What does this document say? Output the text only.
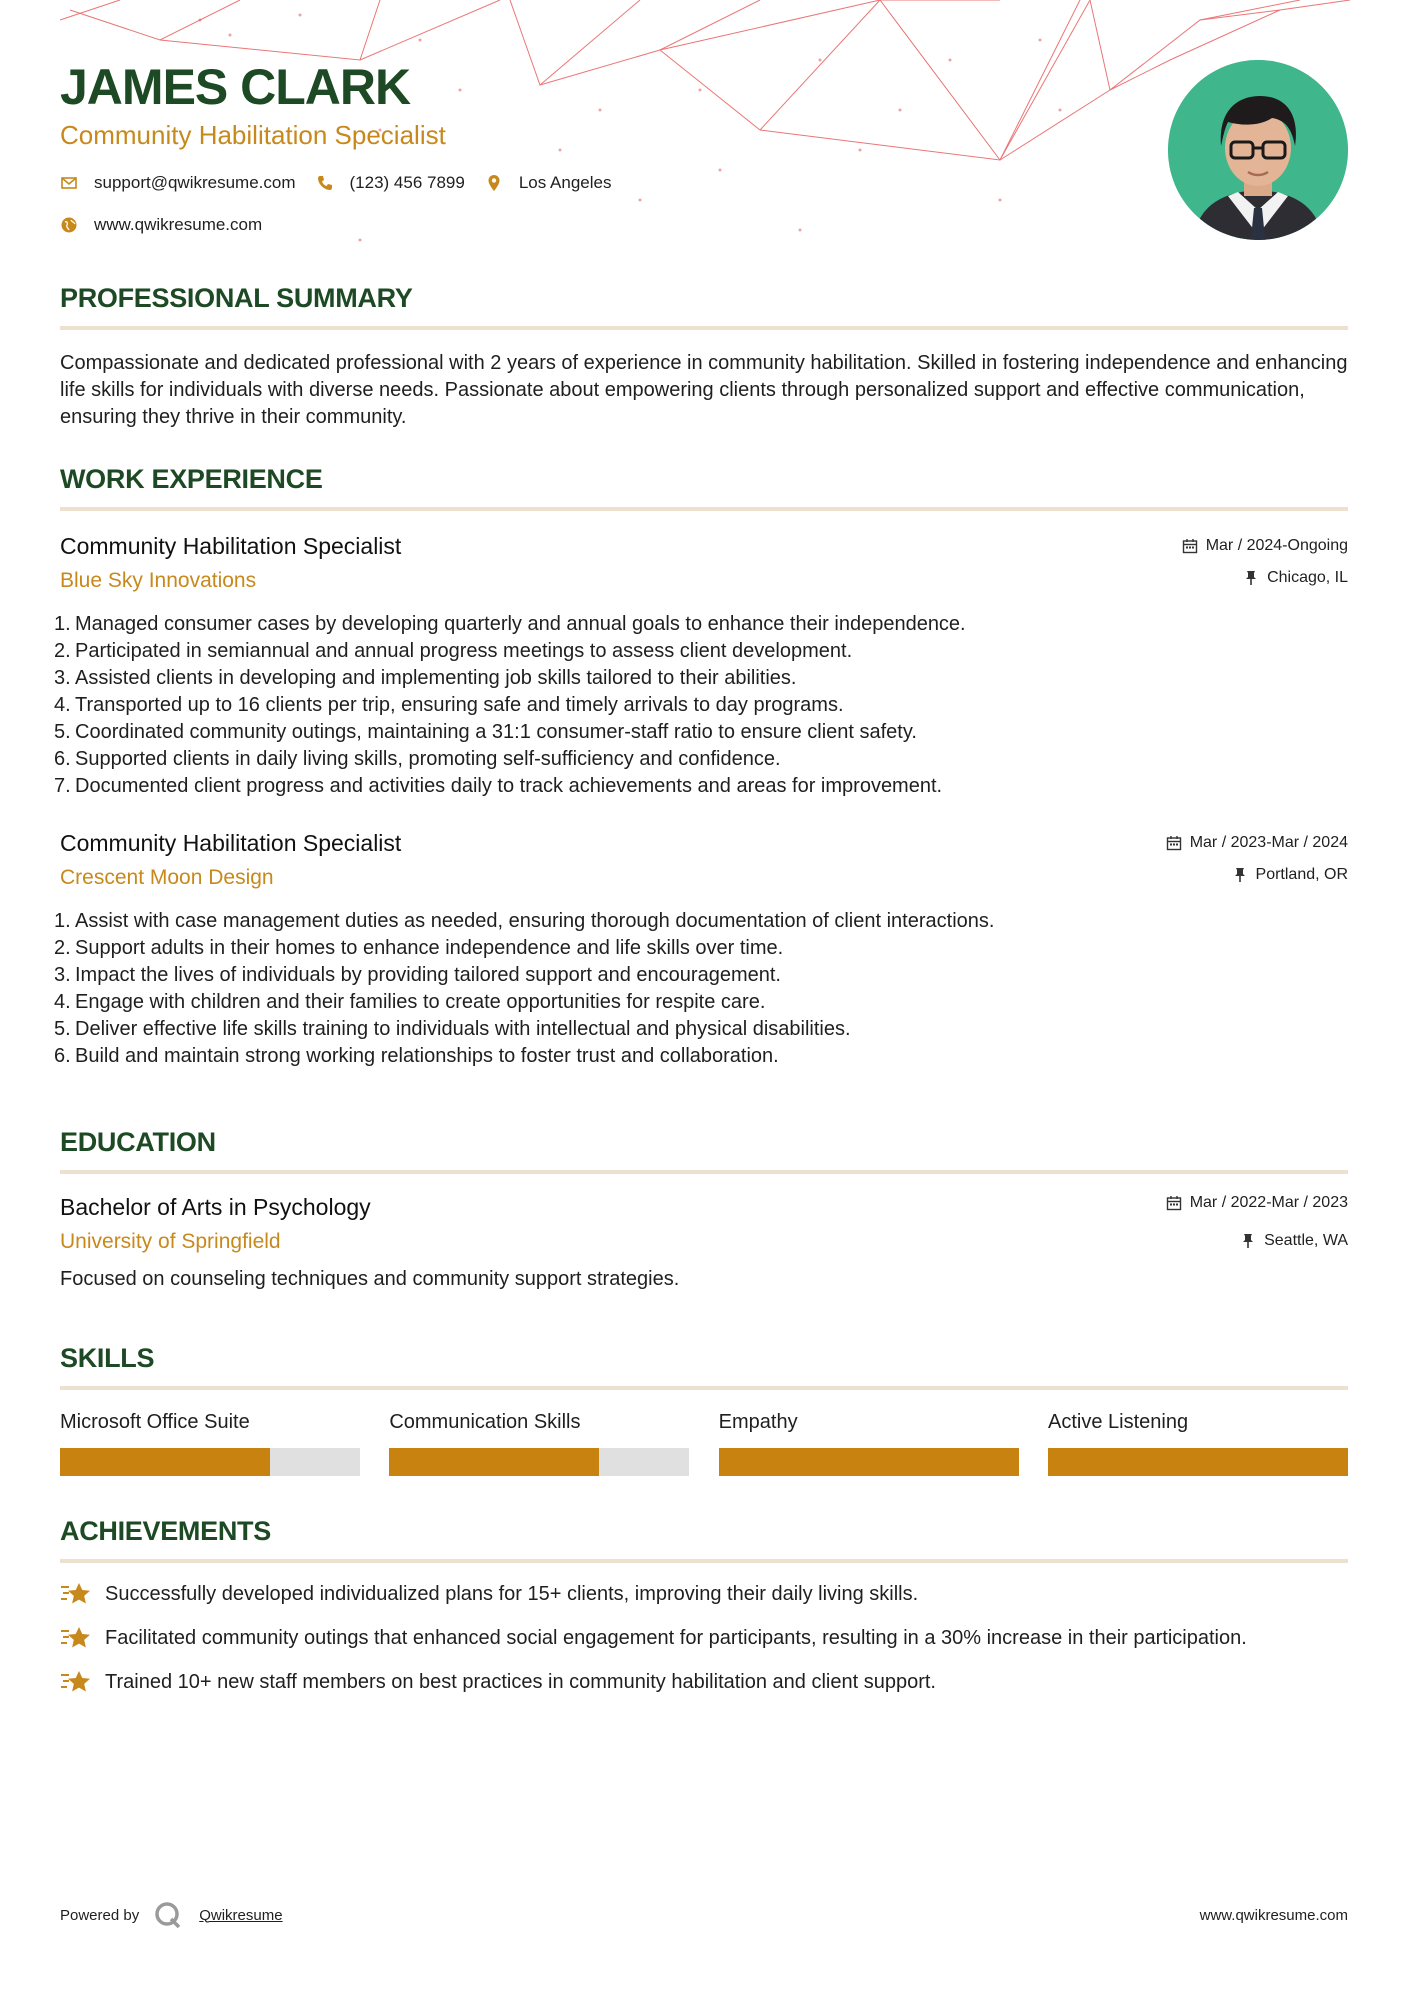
JAMES CLARK
Community Habilitation Specialist
support@qwikresume.com	(123) 456 7899	Los Angeles
www.qwikresume.com
PROFESSIONAL SUMMARY
Compassionate and dedicated professional with 2 years of experience in community habilitation. Skilled in fostering independence and enhancing life skills for individuals with diverse needs. Passionate about empowering clients through personalized support and effective communication, ensuring they thrive in their community.
WORK EXPERIENCE
Community Habilitation Specialist
Blue Sky Innovations
Mar / 2024-Ongoing
Chicago, IL
1. Managed consumer cases by developing quarterly and annual goals to enhance their independence.
2. Participated in semiannual and annual progress meetings to assess client development.
3. Assisted clients in developing and implementing job skills tailored to their abilities.
4. Transported up to 16 clients per trip, ensuring safe and timely arrivals to day programs.
5. Coordinated community outings, maintaining a 31:1 consumer-staff ratio to ensure client safety.
6. Supported clients in daily living skills, promoting self-sufficiency and confidence.
7. Documented client progress and activities daily to track achievements and areas for improvement.
Community Habilitation Specialist
Crescent Moon Design
Mar / 2023-Mar / 2024
Portland, OR
1. Assist with case management duties as needed, ensuring thorough documentation of client interactions.
2. Support adults in their homes to enhance independence and life skills over time.
3. Impact the lives of individuals by providing tailored support and encouragement.
4. Engage with children and their families to create opportunities for respite care.
5. Deliver effective life skills training to individuals with intellectual and physical disabilities.
6. Build and maintain strong working relationships to foster trust and collaboration.
EDUCATION
Bachelor of Arts in Psychology
University of Springfield
Mar / 2022-Mar / 2023
Seattle, WA
Focused on counseling techniques and community support strategies.
SKILLS
Microsoft Office Suite	Communication Skills	Empathy	Active Listening
ACHIEVEMENTS
Successfully developed individualized plans for 15+ clients, improving their daily living skills.
Facilitated community outings that enhanced social engagement for participants, resulting in a 30% increase in their participation.
Trained 10+ new staff members on best practices in community habilitation and client support.
Powered by	Qwikresume	www.qwikresume.com
